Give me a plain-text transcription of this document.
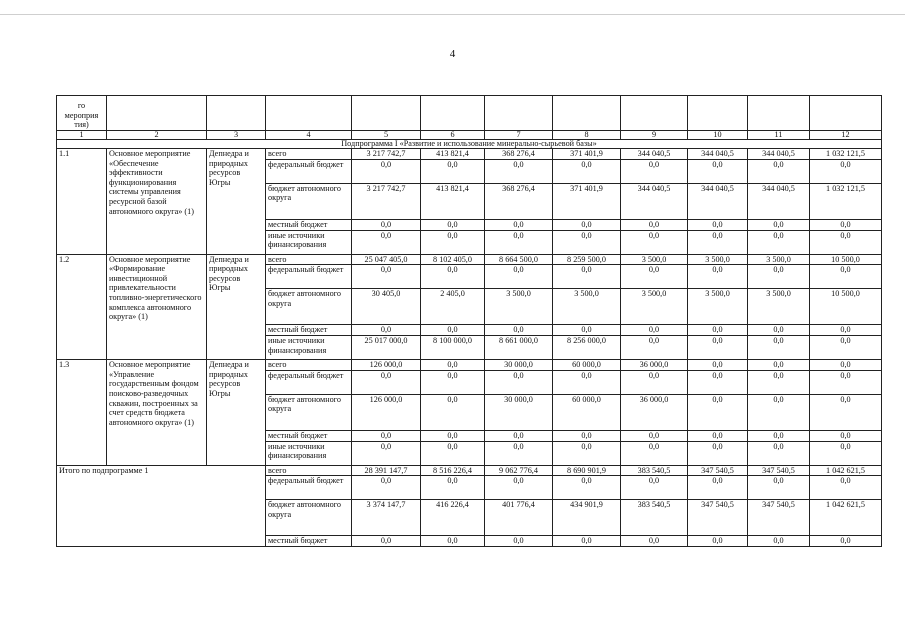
4
го
мероприя
тия)											
1	2	3	4	5	6	7	8	9	10	11	12
Подпрограмма I «Развитие и использование минерально-сырьевой базы»											
1.1	Основное мероприятие «Обеспечение эффективности функционирования системы управления ресурсной базой автономного округа» (1)	Депнедра и природных ресурсов Югры	всего	3 217 742,7	413 821,4	368 276,4	371 401,9	344 040,5	344 040,5	344 040,5	1 032 121,5
			федеральный бюджет	0,0	0,0	0,0	0,0	0,0	0,0	0,0	0,0
			бюджет автономного округа	3 217 742,7	413 821,4	368 276,4	371 401,9	344 040,5	344 040,5	344 040,5	1 032 121,5
			местный бюджет	0,0	0,0	0,0	0,0	0,0	0,0	0,0	0,0
			иные источники финансирования	0,0	0,0	0,0	0,0	0,0	0,0	0,0	0,0
1.2	Основное мероприятие «Формирование инвестиционной привлекательности топливно-энергетического комплекса автономного округа» (1)	Депнедра и природных ресурсов Югры	всего	25 047 405,0	8 102 405,0	8 664 500,0	8 259 500,0	3 500,0	3 500,0	3 500,0	10 500,0
			федеральный бюджет	0,0	0,0	0,0	0,0	0,0	0,0	0,0	0,0
			бюджет автономного округа	30 405,0	2 405,0	3 500,0	3 500,0	3 500,0	3 500,0	3 500,0	10 500,0
			местный бюджет	0,0	0,0	0,0	0,0	0,0	0,0	0,0	0,0
			иные источники финансирования	25 017 000,0	8 100 000,0	8 661 000,0	8 256 000,0	0,0	0,0	0,0	0,0
1.3	Основное мероприятие «Управление государственным фондом поисково-разведочных скважин, построенных за счет средств бюджета автономного округа» (1)	Депнедра и природных ресурсов Югры	всего	126 000,0	0,0	30 000,0	60 000,0	36 000,0	0,0	0,0	0,0
			федеральный бюджет	0,0	0,0	0,0	0,0	0,0	0,0	0,0	0,0
			бюджет автономного округа	126 000,0	0,0	30 000,0	60 000,0	36 000,0	0,0	0,0	0,0
			местный бюджет	0,0	0,0	0,0	0,0	0,0	0,0	0,0	0,0
			иные источники финансирования	0,0	0,0	0,0	0,0	0,0	0,0	0,0	0,0
Итого по подпрограмме 1			всего	28 391 147,7	8 516 226,4	9 062 776,4	8 690 901,9	383 540,5	347 540,5	347 540,5	1 042 621,5
			федеральный бюджет	0,0	0,0	0,0	0,0	0,0	0,0	0,0	0,0
			бюджет автономного округа	3 374 147,7	416 226,4	401 776,4	434 901,9	383 540,5	347 540,5	347 540,5	1 042 621,5
			местный бюджет	0,0	0,0	0,0	0,0	0,0	0,0	0,0	0,0
